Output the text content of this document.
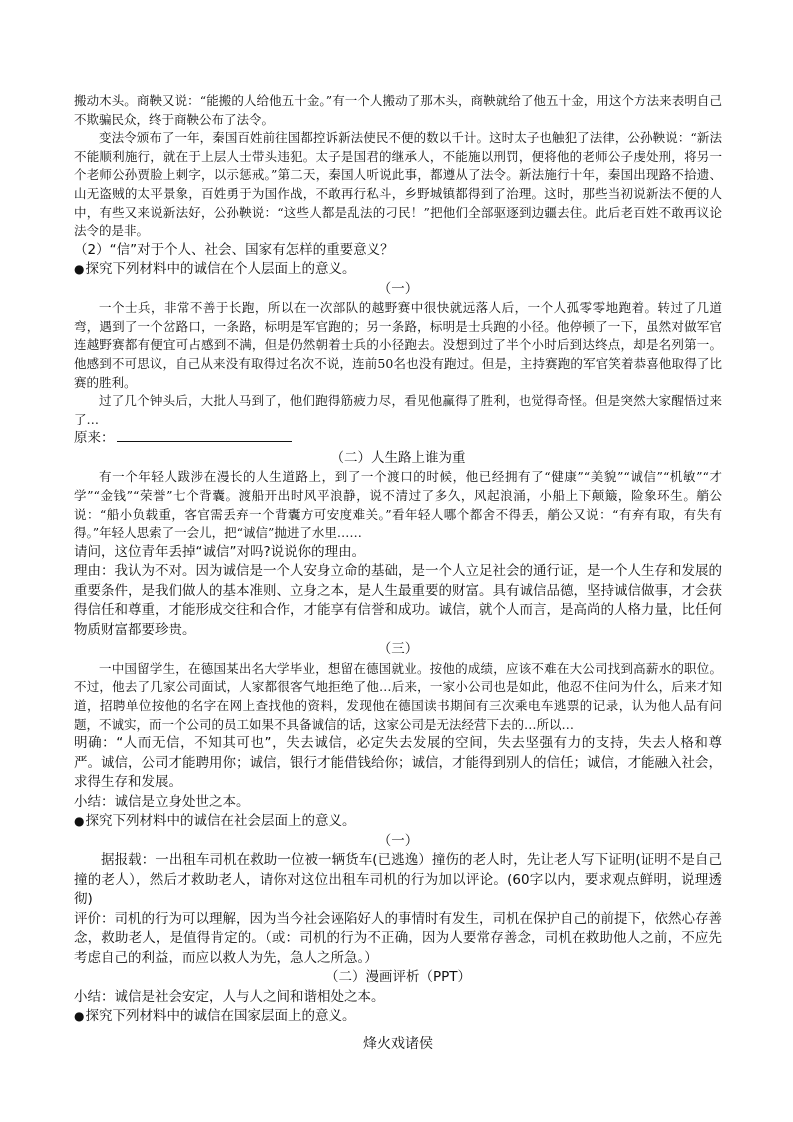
搬动木头。商鞅又说：“能搬的人给他五十金。”有一个人搬动了那木头，商鞅就给了他五十金，用这个方法来表明自己不欺骗民众，终于商鞅公布了法令。

变法令颁布了一年，秦国百姓前往国都控诉新法使民不便的数以千计。这时太子也触犯了法律，公孙鞅说：“新法不能顺利施行，就在于上层人士带头违犯。太子是国君的继承人，不能施以刑罚，便将他的老师公子虔处刑，将另一个老师公孙贾脸上刺字，以示惩戒。”第二天，秦国人听说此事，都遵从了法令。新法施行十年，秦国出现路不拾遗、山无盗贼的太平景象，百姓勇于为国作战，不敢再行私斗，乡野城镇都得到了治理。这时，那些当初说新法不便的人中，有些又来说新法好，公孙鞅说：“这些人都是乱法的刁民！”把他们全部驱逐到边疆去住。此后老百姓不敢再议论法令的是非。

（2）“信”对于个人、社会、国家有怎样的重要意义？

● 探究下列材料中的诚信在个人层面上的意义。

（一）

一个士兵，非常不善于长跑，所以在一次部队的越野赛中很快就远落人后，一个人孤零零地跑着。转过了几道弯，遇到了一个岔路口，一条路，标明是军官跑的；另一条路，标明是士兵跑的小径。他停顿了一下，虽然对做军官连越野赛都有便宜可占感到不满，但是仍然朝着士兵的小径跑去。没想到过了半个小时后到达终点，却是名列第一。他感到不可思议，自己从来没有取得过名次不说，连前50名也没有跑过。但是，主持赛跑的军官笑着恭喜他取得了比赛的胜利。

过了几个钟头后，大批人马到了，他们跑得筋疲力尽，看见他赢得了胜利，也觉得奇怪。但是突然大家醒悟过来了…

原来：

（二）人生路上谁为重

有一个年轻人跋涉在漫长的人生道路上，到了一个渡口的时候，他已经拥有了“健康”“美貌”“诚信”“机敏”“才学”“金钱”“荣誉”七个背囊。渡船开出时风平浪静，说不清过了多久，风起浪涌，小船上下颠簸，险象环生。艄公说：“船小负载重，客官需丢弃一个背囊方可安度难关。”看年轻人哪个都舍不得丢，艄公又说：“有弃有取，有失有得。”年轻人思索了一会儿，把“诚信”抛进了水里……

请问，这位青年丢掉“诚信”对吗?说说你的理由。

理由：我认为不对。因为诚信是一个人安身立命的基础，是一个人立足社会的通行证，是一个人生存和发展的重要条件，是我们做人的基本准则、立身之本，是人生最重要的财富。具有诚信品德，坚持诚信做事，才会获得信任和尊重，才能形成交往和合作，才能享有信誉和成功。诚信，就个人而言，是高尚的人格力量，比任何物质财富都要珍贵。

（三）

一中国留学生，在德国某出名大学毕业，想留在德国就业。按他的成绩，应该不难在大公司找到高薪水的职位。不过，他去了几家公司面试，人家都很客气地拒绝了他…后来，一家小公司也是如此，他忍不住问为什么，后来才知道，招聘单位按他的名字在网上查找他的资料，发现他在德国读书期间有三次乘电车逃票的记录，认为他人品有问题，不诚实，而一个公司的员工如果不具备诚信的话，这家公司是无法经营下去的…所以…

明确：“人而无信，不知其可也”，失去诚信，必定失去发展的空间，失去坚强有力的支持，失去人格和尊严。诚信，公司才能聘用你；诚信，银行才能借钱给你；诚信，才能得到别人的信任；诚信，才能融入社会，求得生存和发展。

小结：诚信是立身处世之本。

● 探究下列材料中的诚信在社会层面上的意义。

（一）

据报载：一出租车司机在救助一位被一辆货车(已逃逸）撞伤的老人时，先让老人写下证明(证明不是自己撞的老人），然后才救助老人，请你对这位出租车司机的行为加以评论。(60字以内，要求观点鲜明，说理透彻)

评价：司机的行为可以理解，因为当今社会诬陷好人的事情时有发生，司机在保护自己的前提下，依然心存善念，救助老人，是值得肯定的。（或：司机的行为不正确，因为人要常存善念，司机在救助他人之前，不应先考虑自己的利益，而应以救人为先，急人之所急。）

（二）漫画评析（PPT）

小结：诚信是社会安定，人与人之间和谐相处之本。

● 探究下列材料中的诚信在国家层面上的意义。

烽火戏诸侯
